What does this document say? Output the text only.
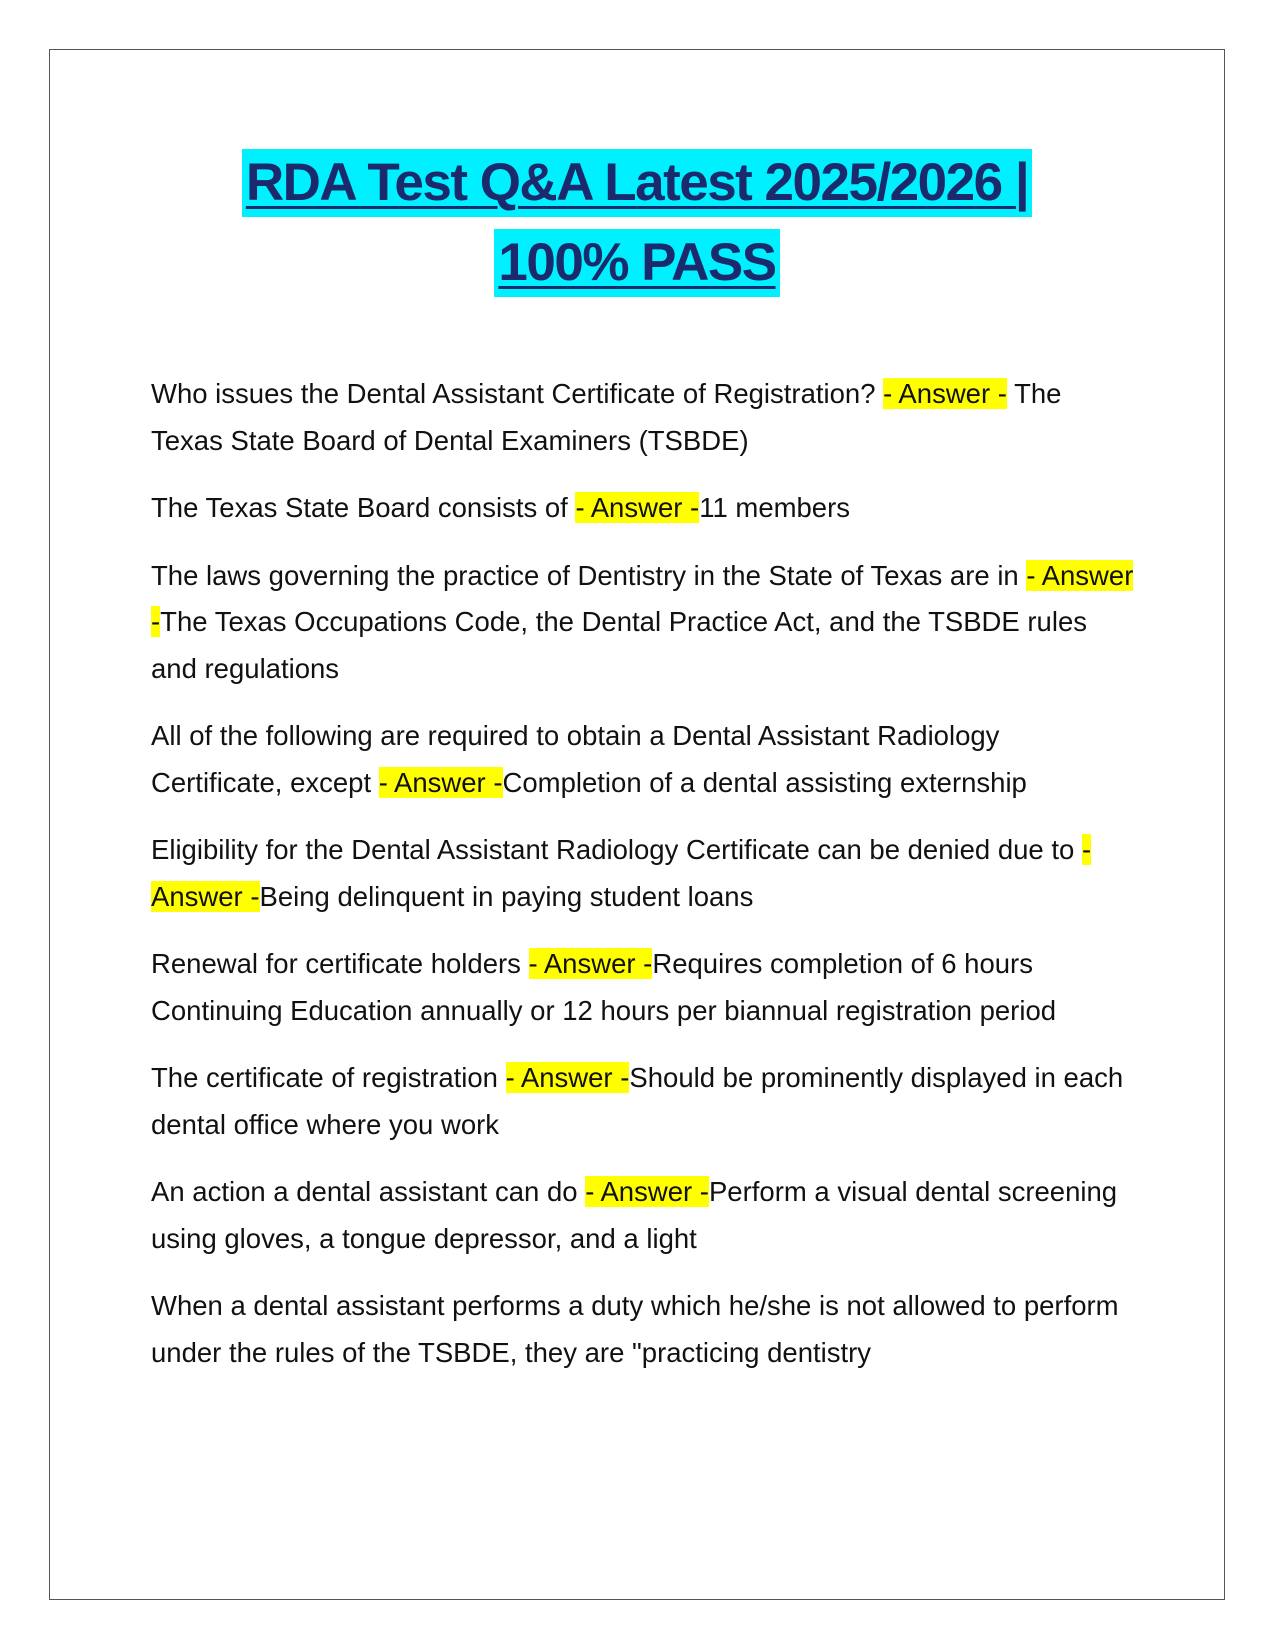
RDA Test Q&A Latest 2025/2026 |
100% PASS

Who issues the Dental Assistant Certificate of Registration? - Answer - The Texas State Board of Dental Examiners (TSBDE)

The Texas State Board consists of - Answer -11 members

The laws governing the practice of Dentistry in the State of Texas are in - Answer -The Texas Occupations Code, the Dental Practice Act, and the TSBDE rules and regulations

All of the following are required to obtain a Dental Assistant Radiology Certificate, except - Answer -Completion of a dental assisting externship

Eligibility for the Dental Assistant Radiology Certificate can be denied due to - Answer -Being delinquent in paying student loans

Renewal for certificate holders - Answer -Requires completion of 6 hours Continuing Education annually or 12 hours per biannual registration period

The certificate of registration - Answer -Should be prominently displayed in each dental office where you work

An action a dental assistant can do - Answer -Perform a visual dental screening using gloves, a tongue depressor, and a light

When a dental assistant performs a duty which he/she is not allowed to perform under the rules of the TSBDE, they are "practicing dentistry
